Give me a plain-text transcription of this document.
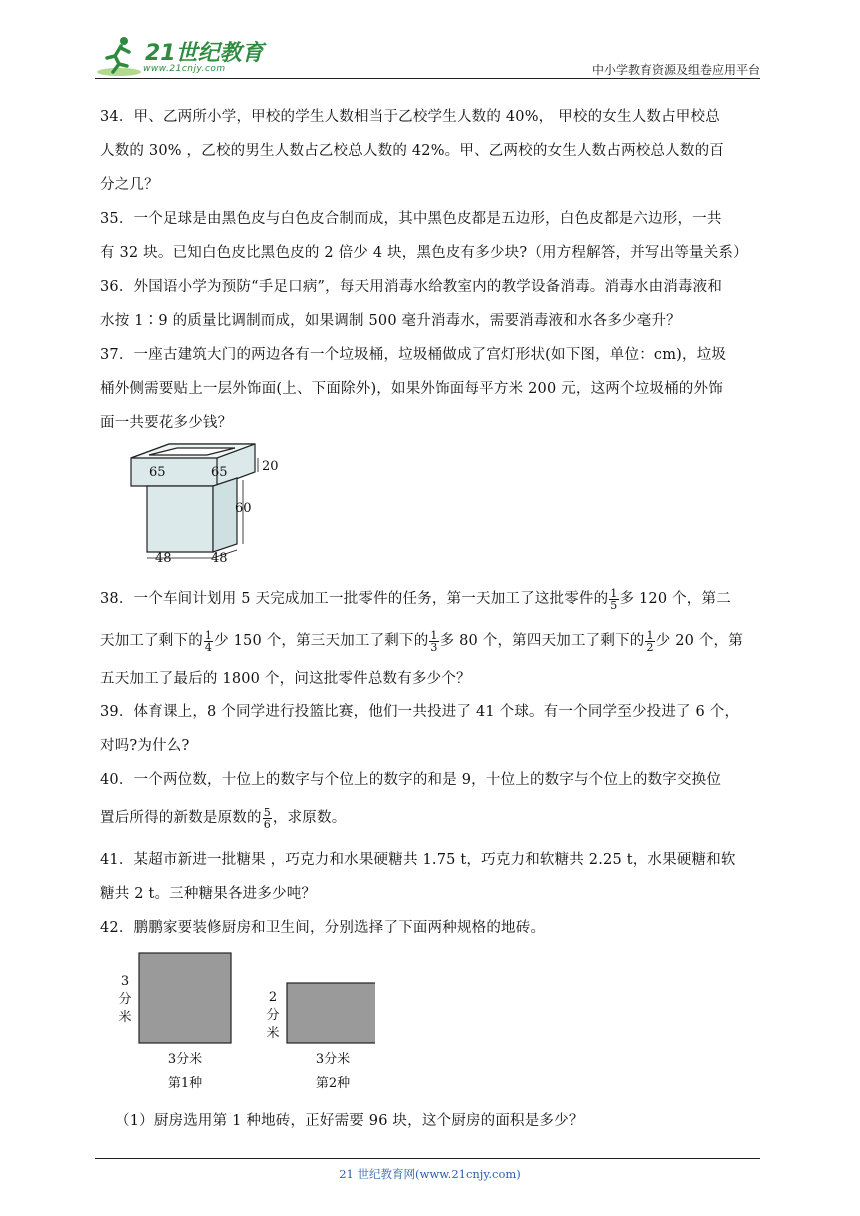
21世纪教育
www.21cnjy.com	中小学教育资源及组卷应用平台

34．甲、乙两所小学，甲校的学生人数相当于乙校学生人数的 40%， 甲校的女生人数占甲校总

人数的 30% ，乙校的男生人数占乙校总人数的 42%。甲、乙两校的女生人数占两校总人数的百

分之几？

35．一个足球是由黑色皮与白色皮合制而成，其中黑色皮都是五边形，白色皮都是六边形，一共

有 32 块。已知白色皮比黑色皮的 2 倍少 4 块，黑色皮有多少块?（用方程解答，并写出等量关系）

36．外国语小学为预防“手足口病”，每天用消毒水给教室内的教学设备消毒。消毒水由消毒液和

水按 1∶9 的质量比调制而成，如果调制 500 毫升消毒水，需要消毒液和水各多少毫升？

37．一座古建筑大门的两边各有一个垃圾桶，垃圾桶做成了宫灯形状(如下图，单位：cm)，垃圾

桶外侧需要贴上一层外饰面(上、下面除外)，如果外饰面每平方米 200 元，这两个垃圾桶的外饰

面一共要花多少钱？

65	65	20
60
48	48

38．一个车间计划用 5 天完成加工一批零件的任务，第一天加工了这批零件的 $\frac{1}{5}$ 多 120 个，第二

天加工了剩下的 $\frac{1}{4}$ 少 150 个，第三天加工了剩下的 $\frac{1}{3}$ 多 80 个，第四天加工了剩下的 $\frac{1}{2}$ 少 20 个，第

五天加工了最后的 1800 个，问这批零件总数有多少个？

39．体育课上，8 个同学进行投篮比赛，他们一共投进了 41 个球。有一个同学至少投进了 6 个，

对吗?为什么?

40．一个两位数，十位上的数字与个位上的数字的和是 9，十位上的数字与个位上的数字交换位

置后所得的新数是原数的 $\frac{5}{6}$ ，求原数。

41．某超市新进一批糖果 ，巧克力和水果硬糖共 1.75 t，巧克力和软糖共 2.25 t，水果硬糖和软

糖共 2 t。三种糖果各进多少吨？

42．鹏鹏家要装修厨房和卫生间，分别选择了下面两种规格的地砖。

3
分
米
3分米
第1种
2
分
米
3分米
第2种

（1）厨房选用第 1 种地砖，正好需要 96 块，这个厨房的面积是多少？

21 世纪教育网(www.21cnjy.com)
